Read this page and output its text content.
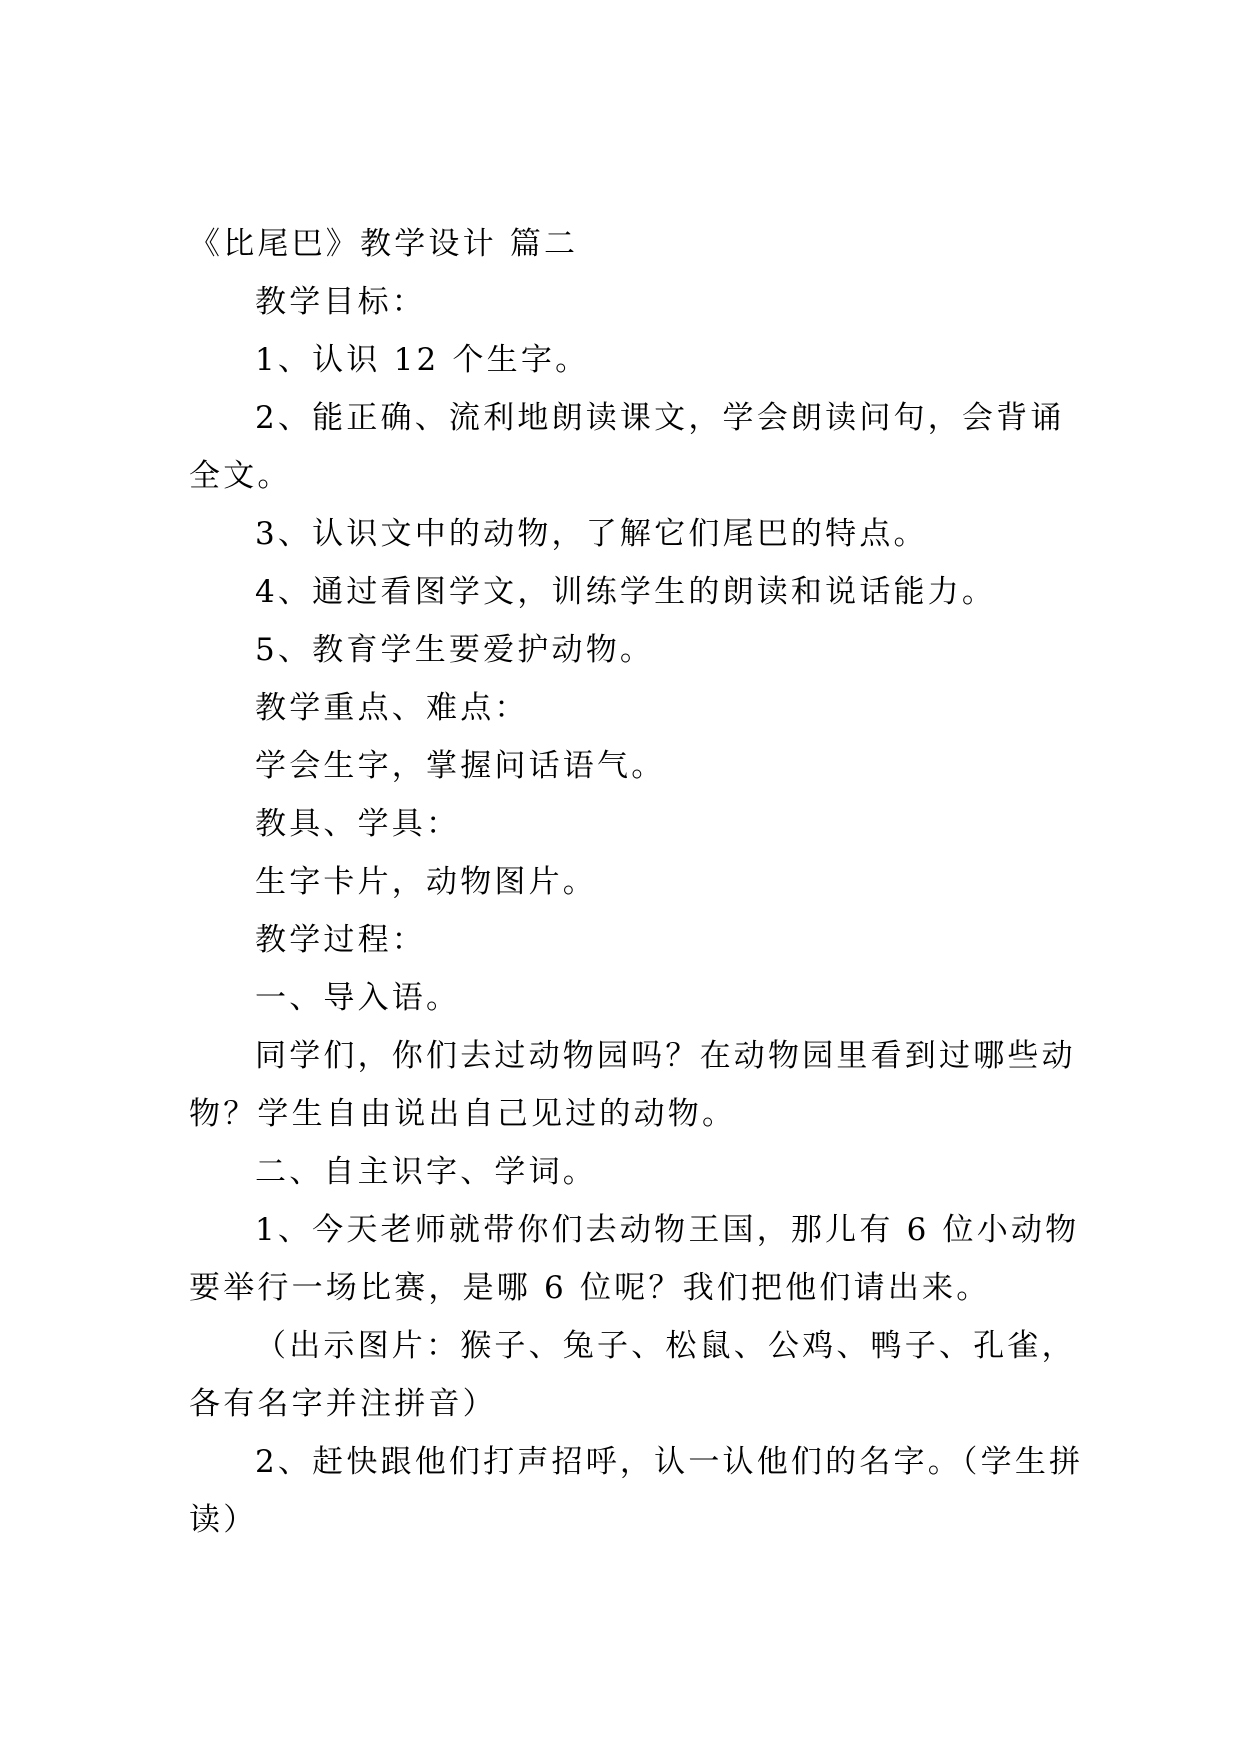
《比尾巴》教学设计 篇二

教学目标：

1、认识 12 个生字。

2、能正确、流利地朗读课文，学会朗读问句，会背诵

全文。

3、认识文中的动物，了解它们尾巴的特点。

4、通过看图学文，训练学生的朗读和说话能力。

5、教育学生要爱护动物。

教学重点、难点：

学会生字，掌握问话语气。

教具、学具：

生字卡片，动物图片。

教学过程：

一、导入语。

同学们，你们去过动物园吗？在动物园里看到过哪些动

物？学生自由说出自己见过的动物。

二、自主识字、学词。

1、今天老师就带你们去动物王国，那儿有 6 位小动物

要举行一场比赛，是哪 6 位呢？我们把他们请出来。

（出示图片：猴子、兔子、松鼠、公鸡、鸭子、孔雀，

各有名字并注拼音）

2、赶快跟他们打声招呼，认一认他们的名字。（学生拼

读）
